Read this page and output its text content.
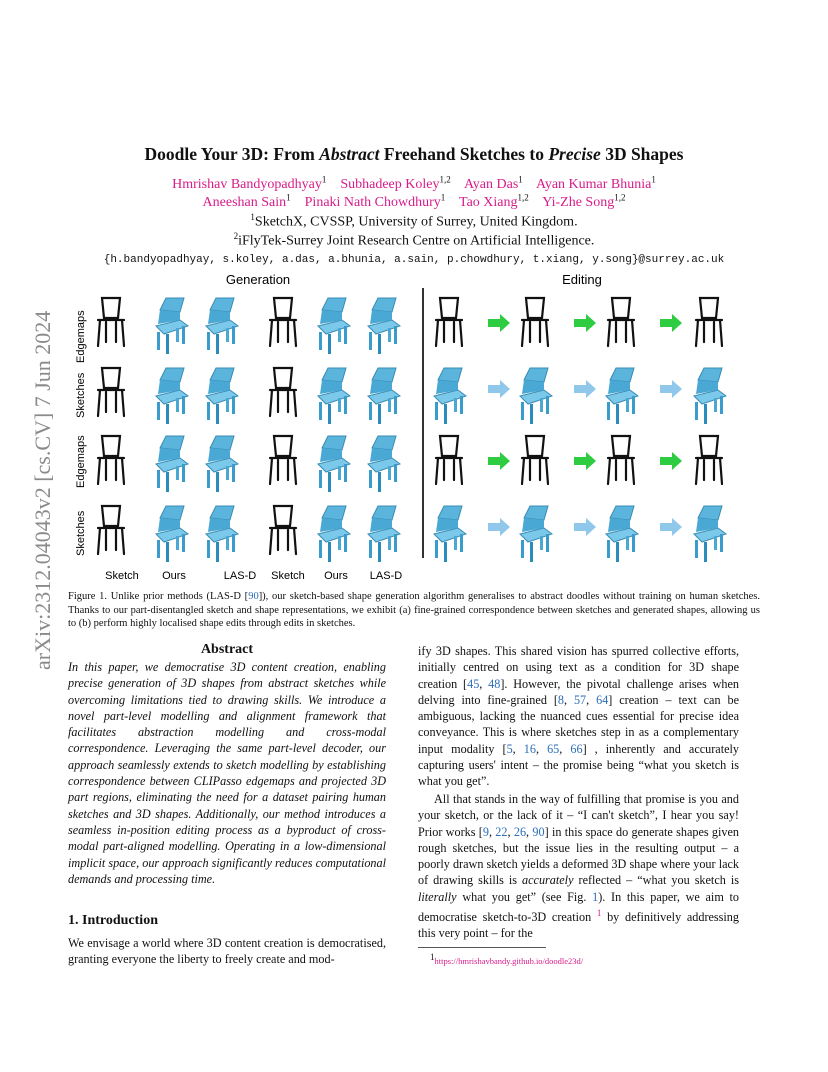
Doodle Your 3D: From Abstract Freehand Sketches to Precise 3D Shapes
Hmrishav Bandyopadhyay$^1$ Subhadeep Koley$^{1,2}$ Ayan Das$^1$ Ayan Kumar Bhunia$^1$
Aneeshan Sain$^1$ Pinaki Nath Chowdhury$^1$ Tao Xiang$^{1,2}$ Yi-Zhe Song$^{1,2}$
$^1$SketchX, CVSSP, University of Surrey, United Kingdom.
$^2$iFlyTek-Surrey Joint Research Centre on Artificial Intelligence.
{h.bandyopadhyay, s.koley, a.das, a.bhunia, a.sain, p.chowdhury, t.xiang, y.song}@surrey.ac.uk
arXiv:2312.04043v2 [cs.CV] 7 Jun 2024
Generation	Editing
Edgemaps
Sketches
Edgemaps
Sketches
Sketch Ours	LAS-D Sketch Ours LAS-D
Figure 1. Unlike prior methods (LAS-D [90]), our sketch-based shape generation algorithm generalises to abstract doodles without training on human sketches. Thanks to our part-disentangled sketch and shape representations, we exhibit (a) fine-grained correspondence between sketches and generated shapes, allowing us to (b) perform highly localised shape edits through edits in sketches.
Abstract
In this paper, we democratise 3D content creation, enabling precise generation of 3D shapes from abstract sketches while overcoming limitations tied to drawing skills. We introduce a novel part-level modelling and alignment framework that facilitates abstraction modelling and cross-modal correspondence. Leveraging the same part-level decoder, our approach seamlessly extends to sketch modelling by establishing correspondence between CLIPasso edgemaps and projected 3D part regions, eliminating the need for a dataset pairing human sketches and 3D shapes. Additionally, our method introduces a seamless in-position editing process as a byproduct of cross-modal part-aligned modelling. Operating in a low-dimensional implicit space, our approach significantly reduces computational demands and processing time.
1. Introduction
We envisage a world where 3D content creation is democratised, granting everyone the liberty to freely create and mod-
ify 3D shapes. This shared vision has spurred collective efforts, initially centred on using text as a condition for 3D shape creation [45, 48]. However, the pivotal challenge arises when delving into fine-grained [8, 57, 64] creation – text can be ambiguous, lacking the nuanced cues essential for precise idea conveyance. This is where sketches step in as a complementary input modality [5, 16, 65, 66] , inherently and accurately capturing users' intent – the promise being “what you sketch is what you get”.
All that stands in the way of fulfilling that promise is you and your sketch, or the lack of it – “I can't sketch”, I hear you say! Prior works [9, 22, 26, 90] in this space do generate shapes given rough sketches, but the issue lies in the resulting output – a poorly drawn sketch yields a deformed 3D shape where your lack of drawing skills is accurately reflected – “what you sketch is literally what you get” (see Fig. 1). In this paper, we aim to democratise sketch-to-3D creation $^1$ by definitively addressing this very point – for the
$^1$https://hmrishavbandy.github.io/doodle23d/
